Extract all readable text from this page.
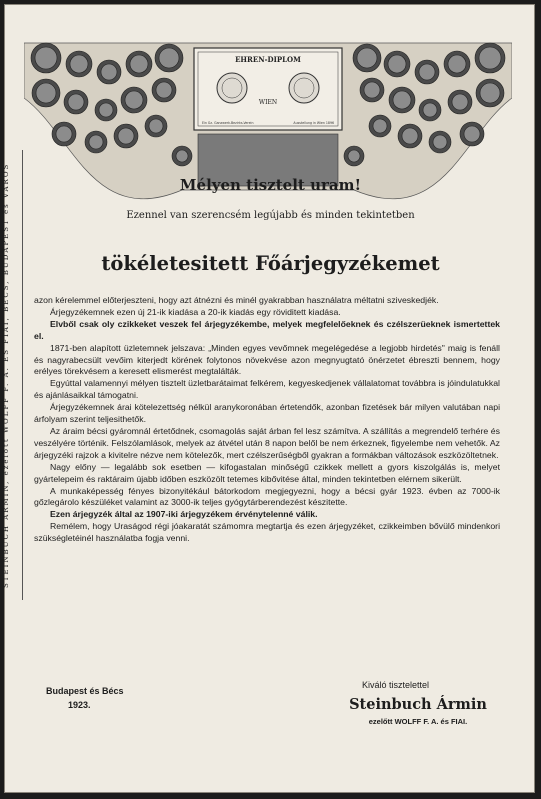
STEINBUCH ÁRMIN, ezelőtt WOLFF F. A. ÉS FIAI, BÉCS, BUDAPEST és VÁROS
EHREN-DIPLOM
WIEN
Ein Gz. Ganzwerk-Bezirks-Verein	Ausstellung in Wien 1896
Mélyen tisztelt uram!
Ezennel van szerencsém legújabb és minden tekintetben
tökéletesitett Főárjegyzékemet

azon kérelemmel előterjeszteni, hogy azt átnézni és minél gyakrabban használatra méltatni sziveskedjék.

Árjegyzékemnek ezen új 21-ik kiadása a 20-ik kiadás egy röviditett kiadása.

Elvből csak oly czikkeket veszek fel árjegyzékembe, melyek megfelelőeknek és czélszerüeknek ismertettek el.

1871-ben alapított üzletemnek jelszava: „Minden egyes vevőmnek megelégedése a legjobb hirdetés" maig is fenáll és nagyrabecsült vevőim kiterjedt körének folytonos növekvése azon megnyugtató önérzetet ébreszti bennem, hogy erélyes törekvésem a keresett elismerést megtalálták.

Egyúttal valamennyi mélyen tisztelt üzletbarátaimat felkérem, kegyeskedjenek vállalatomat továbbra is jóindulatukkal és ajánlásaikkal támogatni.

Árjegyzékemnek árai kötelezettség nélkül aranykoronában értetendők, azonban fizetések bár milyen valutában napi árfolyam szerint teljesithetők.

Az áraim bécsi gyáromnál értetődnek, csomagolás saját árban fel lesz számítva. A szállítás a megrendelő terhére és veszélyére történik. Felszólamlások, melyek az átvétel után 8 napon belől be nem érkeznek, figyelembe nem vehetők. Az árjegyzéki rajzok a kivitelre nézve nem kötelezők, mert czélszerűségből gyakran a formákban változások eszközöltetnek.

Nagy előny — legalább sok esetben — kifogastalan minőségű czikkek mellett a gyors kiszolgálás is, melyet gyártelepeim és raktáraim újabb időben eszközölt tetemes kibővitése által, minden tekintetben elérnem sikerült.

A munkaképesség fényes bizonyitékául bátorkodom megjegyezni, hogy a bécsi gyár 1923. évben az 7000-ik gőzlegárolo készüléket valamint az 3000-ik teljes gyógytárberendezést készitette.

Ezen árjegyzék által az 1907-iki árjegyzékem érvénytelenné válik.

Remélem, hogy Uraságod régi jóakaratát számomra megtartja és ezen árjegyzéket, czikkeimben bővülő mindenkori szükségletéinél használatba fogja venni.

Budapest és Bécs
1923.
Kiváló tisztelettel
Steinbuch Ármin
ezelőtt WOLFF F. A. és FIAI.
